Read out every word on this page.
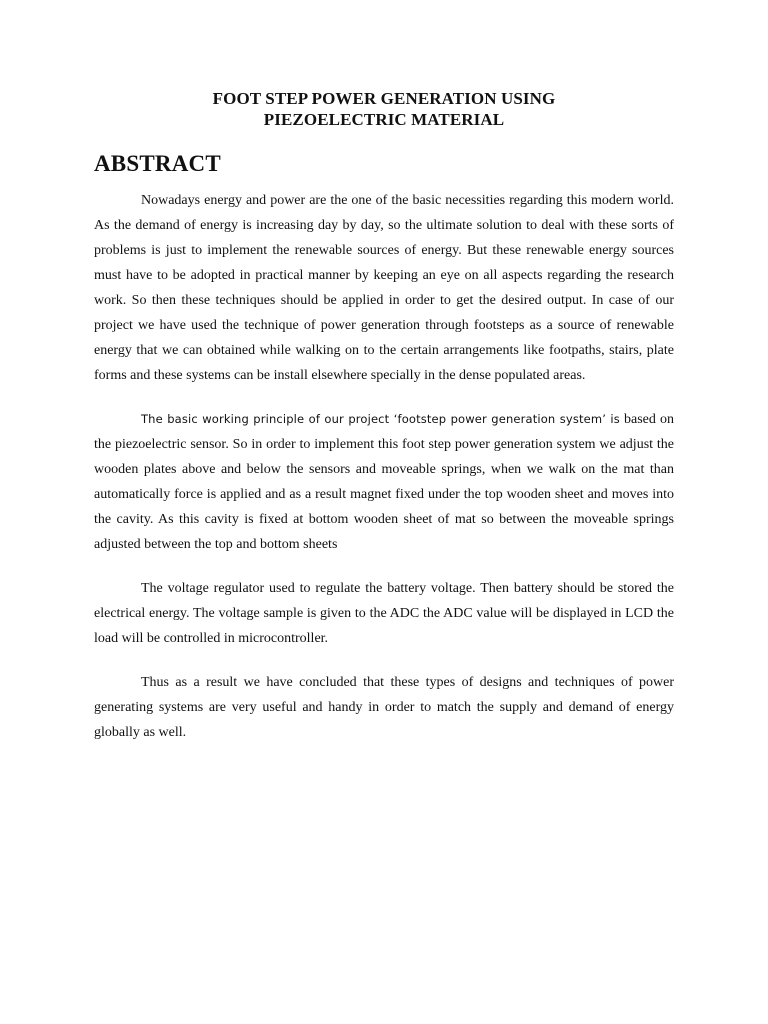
FOOT STEP POWER GENERATION USING
PIEZOELECTRIC MATERIAL
ABSTRACT

Nowadays energy and power are the one of the basic necessities regarding this modern world. As the demand of energy is increasing day by day, so the ultimate solution to deal with these sorts of problems is just to implement the renewable sources of energy. But these renewable energy sources must have to be adopted in practical manner by keeping an eye on all aspects regarding the research work. So then these techniques should be applied in order to get the desired output. In case of our project we have used the technique of power generation through footsteps as a source of renewable energy that we can obtained while walking on to the certain arrangements like footpaths, stairs, plate forms and these systems can be install elsewhere specially in the dense populated areas.

The basic working principle of our project ‘footstep power generation system’ is based on the piezoelectric sensor. So in order to implement this foot step power generation system we adjust the wooden plates above and below the sensors and moveable springs, when we walk on the mat than automatically force is applied and as a result magnet fixed under the top wooden sheet and moves into the cavity. As this cavity is fixed at bottom wooden sheet of mat so between the moveable springs adjusted between the top and bottom sheets

The voltage regulator used to regulate the battery voltage. Then battery should be stored the electrical energy. The voltage sample is given to the ADC the ADC value will be displayed in LCD the load will be controlled in microcontroller.

Thus as a result we have concluded that these types of designs and techniques of power generating systems are very useful and handy in order to match the supply and demand of energy globally as well.
